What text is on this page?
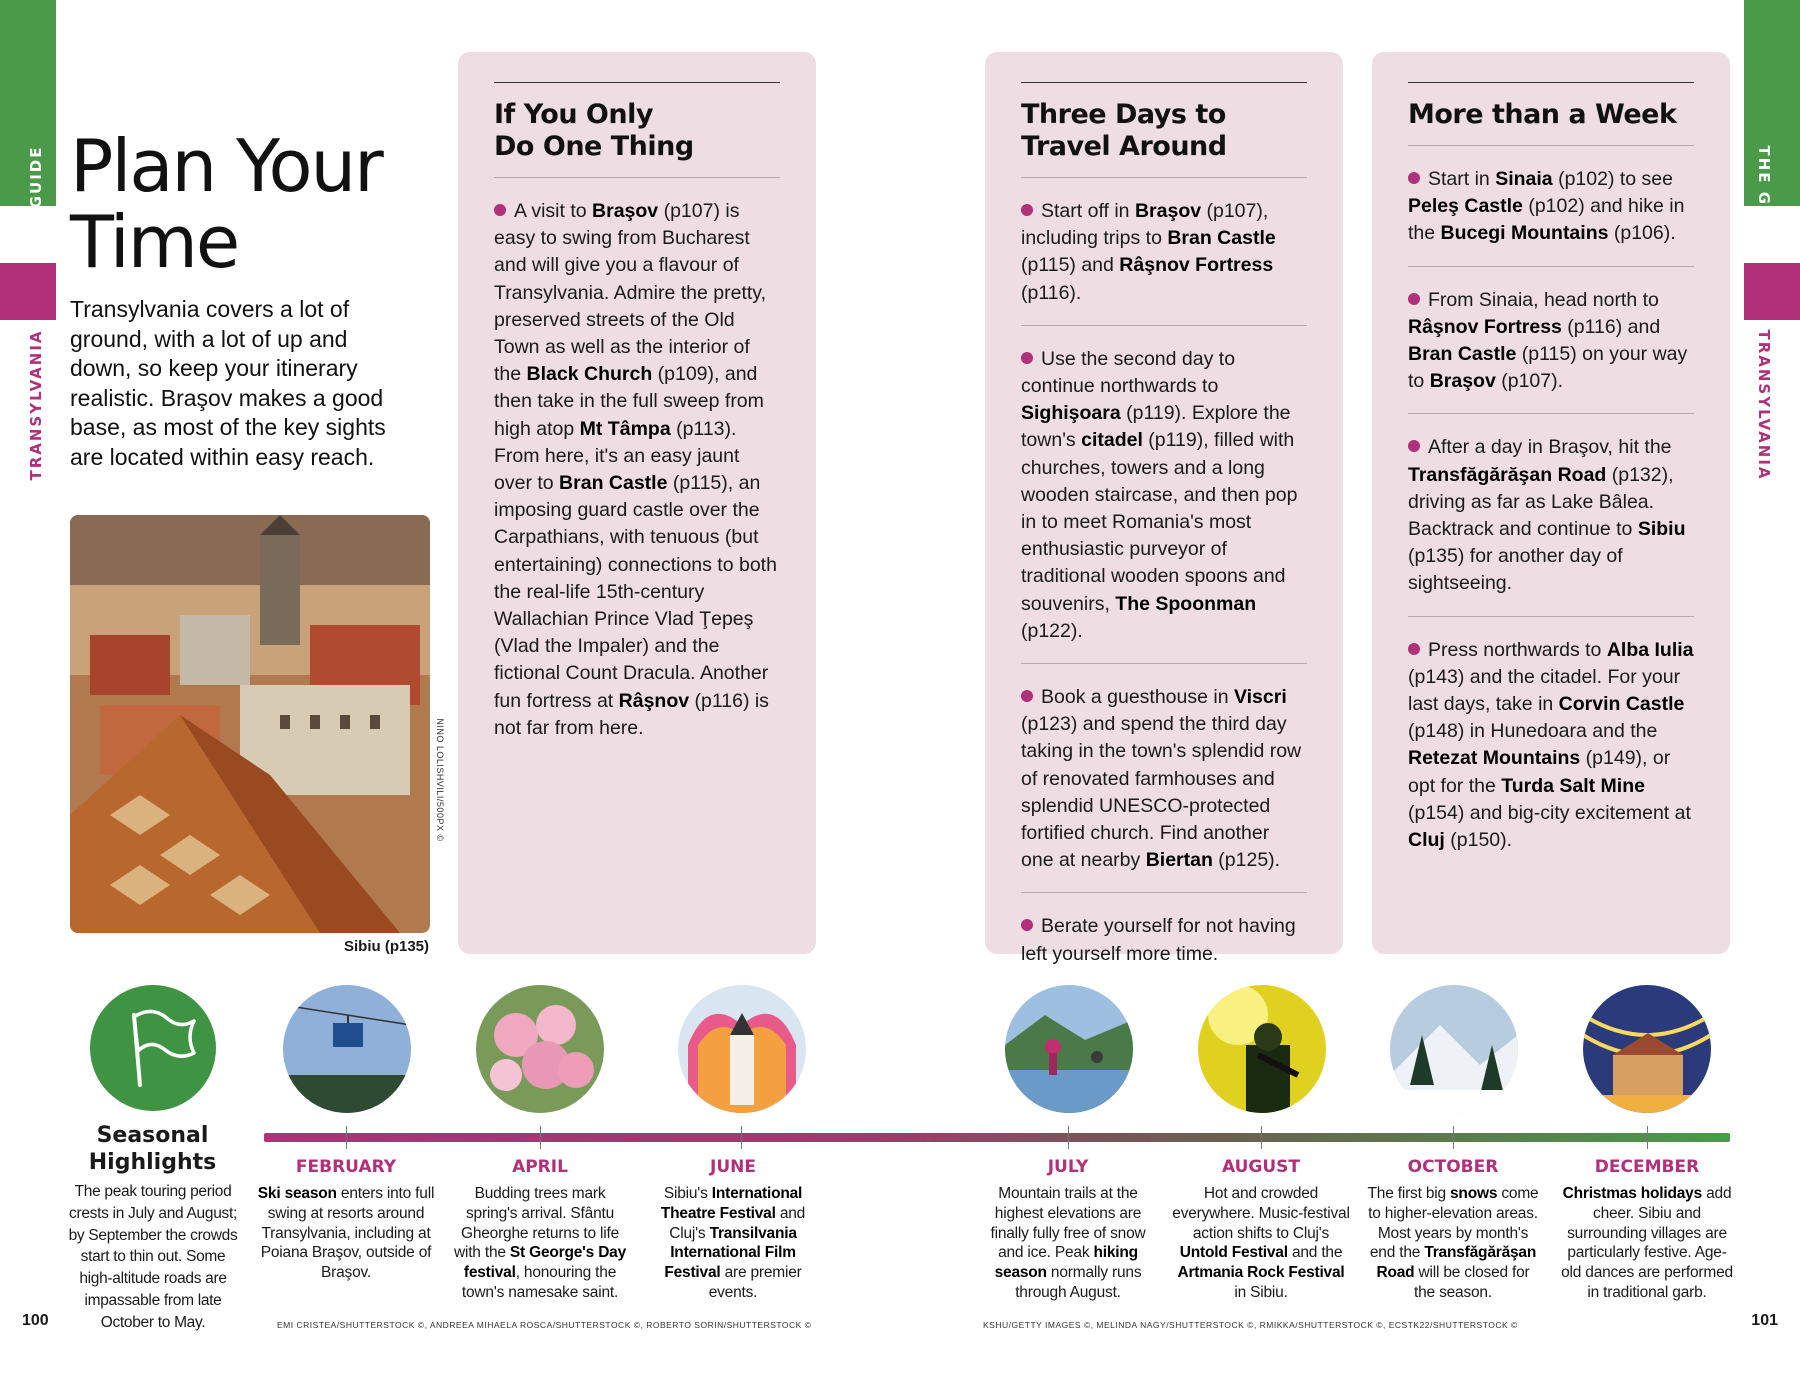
THE GUIDE
TRANSYLVANIA
THE GUIDE
TRANSYLVANIA
Plan Your
Time

Transylvania covers a lot of ground, with a lot of up and down, so keep your itinerary realistic. Braşov makes a good base, as most of the key sights are located within easy reach.

NINO LOLISHVILI/500PX ©
Sibiu (p135)
If You Only
Do One Thing
A visit to Braşov (p107) is easy to swing from Bucharest and will give you a flavour of Transylvania. Admire the pretty, preserved streets of the Old Town as well as the interior of the Black Church (p109), and then take in the full sweep from high atop Mt Tâmpa (p113). From here, it's an easy jaunt over to Bran Castle (p115), an imposing guard castle over the Carpathians, with tenuous (but entertaining) connections to both the real-life 15th-century Wallachian Prince Vlad Ţepeş (Vlad the Impaler) and the fictional Count Dracula. Another fun fortress at Râşnov (p116) is not far from here.
Three Days to
Travel Around
Start off in Braşov (p107), including trips to Bran Castle (p115) and Râşnov Fortress (p116).
Use the second day to continue northwards to Sighişoara (p119). Explore the town's citadel (p119), filled with churches, towers and a long wooden staircase, and then pop in to meet Romania's most enthusiastic purveyor of traditional wooden spoons and souvenirs, The Spoonman (p122).
Book a guesthouse in Viscri (p123) and spend the third day taking in the town's splendid row of renovated farmhouses and splendid UNESCO-protected fortified church. Find another one at nearby Biertan (p125).
Berate yourself for not having left yourself more time.
More than a Week
Start in Sinaia (p102) to see Peleş Castle (p102) and hike in the Bucegi Mountains (p106).
From Sinaia, head north to Râşnov Fortress (p116) and Bran Castle (p115) on your way to Braşov (p107).
After a day in Braşov, hit the Transfăgărăşan Road (p132), driving as far as Lake Bâlea. Backtrack and continue to Sibiu (p135) for another day of sightseeing.
Press northwards to Alba Iulia (p143) and the citadel. For your last days, take in Corvin Castle (p148) in Hunedoara and the Retezat Mountains (p149), or opt for the Turda Salt Mine (p154) and big-city excitement at Cluj (p150).
Seasonal
Highlights
The peak touring period crests in July and August; by September the crowds start to thin out. Some high-altitude roads are impassable from late October to May.
FEBRUARY
Ski season enters into full swing at resorts around Transylvania, including at Poiana Braşov, outside of Braşov.
APRIL
Budding trees mark spring's arrival. Sfântu Gheorghe returns to life with the St George's Day festival, honouring the town's namesake saint.
JUNE
Sibiu's International Theatre Festival and Cluj's Transilvania International Film Festival are premier events.
JULY
Mountain trails at the highest elevations are finally fully free of snow and ice. Peak hiking season normally runs through August.
AUGUST
Hot and crowded everywhere. Music-festival action shifts to Cluj's Untold Festival and the Artmania Rock Festival in Sibiu.
OCTOBER
The first big snows come to higher-elevation areas. Most years by month's end the Transfăgărăşan Road will be closed for the season.
DECEMBER
Christmas holidays add cheer. Sibiu and surrounding villages are particularly festive. Age-old dances are performed in traditional garb.
100	101
EMI CRISTEA/SHUTTERSTOCK ©, ANDREEA MIHAELA ROSCA/SHUTTERSTOCK ©, ROBERTO SORIN/SHUTTERSTOCK ©	KSHU/GETTY IMAGES ©, MELINDA NAGY/SHUTTERSTOCK ©, RMIKKA/SHUTTERSTOCK ©, ECSTK22/SHUTTERSTOCK ©
